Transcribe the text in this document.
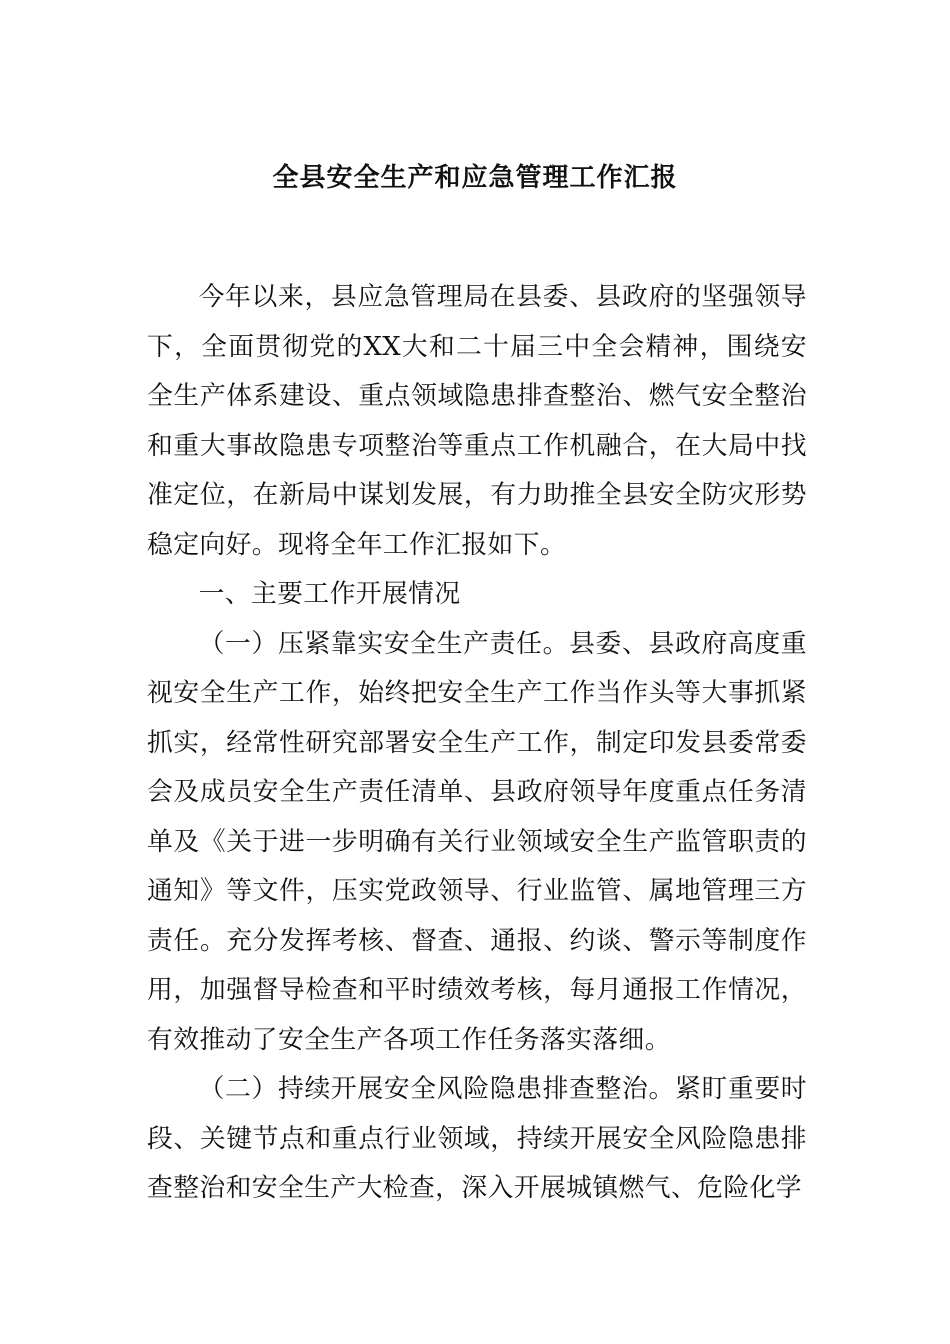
全县安全生产和应急管理工作汇报

今年以来，县应急管理局在县委、县政府的坚强领导下，全面贯彻党的XX大和二十届三中全会精神，围绕安全生产体系建设、重点领域隐患排查整治、燃气安全整治和重大事故隐患专项整治等重点工作机融合，在大局中找准定位，在新局中谋划发展，有力助推全县安全防灾形势稳定向好。现将全年工作汇报如下。

一、主要工作开展情况

（一）压紧靠实安全生产责任。县委、县政府高度重视安全生产工作，始终把安全生产工作当作头等大事抓紧抓实，经常性研究部署安全生产工作，制定印发县委常委会及成员安全生产责任清单、县政府领导年度重点任务清单及《关于进一步明确有关行业领域安全生产监管职责的通知》等文件，压实党政领导、行业监管、属地管理三方责任。充分发挥考核、督查、通报、约谈、警示等制度作用，加强督导检查和平时绩效考核，每月通报工作情况，有效推动了安全生产各项工作任务落实落细。

（二）持续开展安全风险隐患排查整治。紧盯重要时段、关键节点和重点行业领域，持续开展安全风险隐患排查整治和安全生产大检查，深入开展城镇燃气、危险化学
